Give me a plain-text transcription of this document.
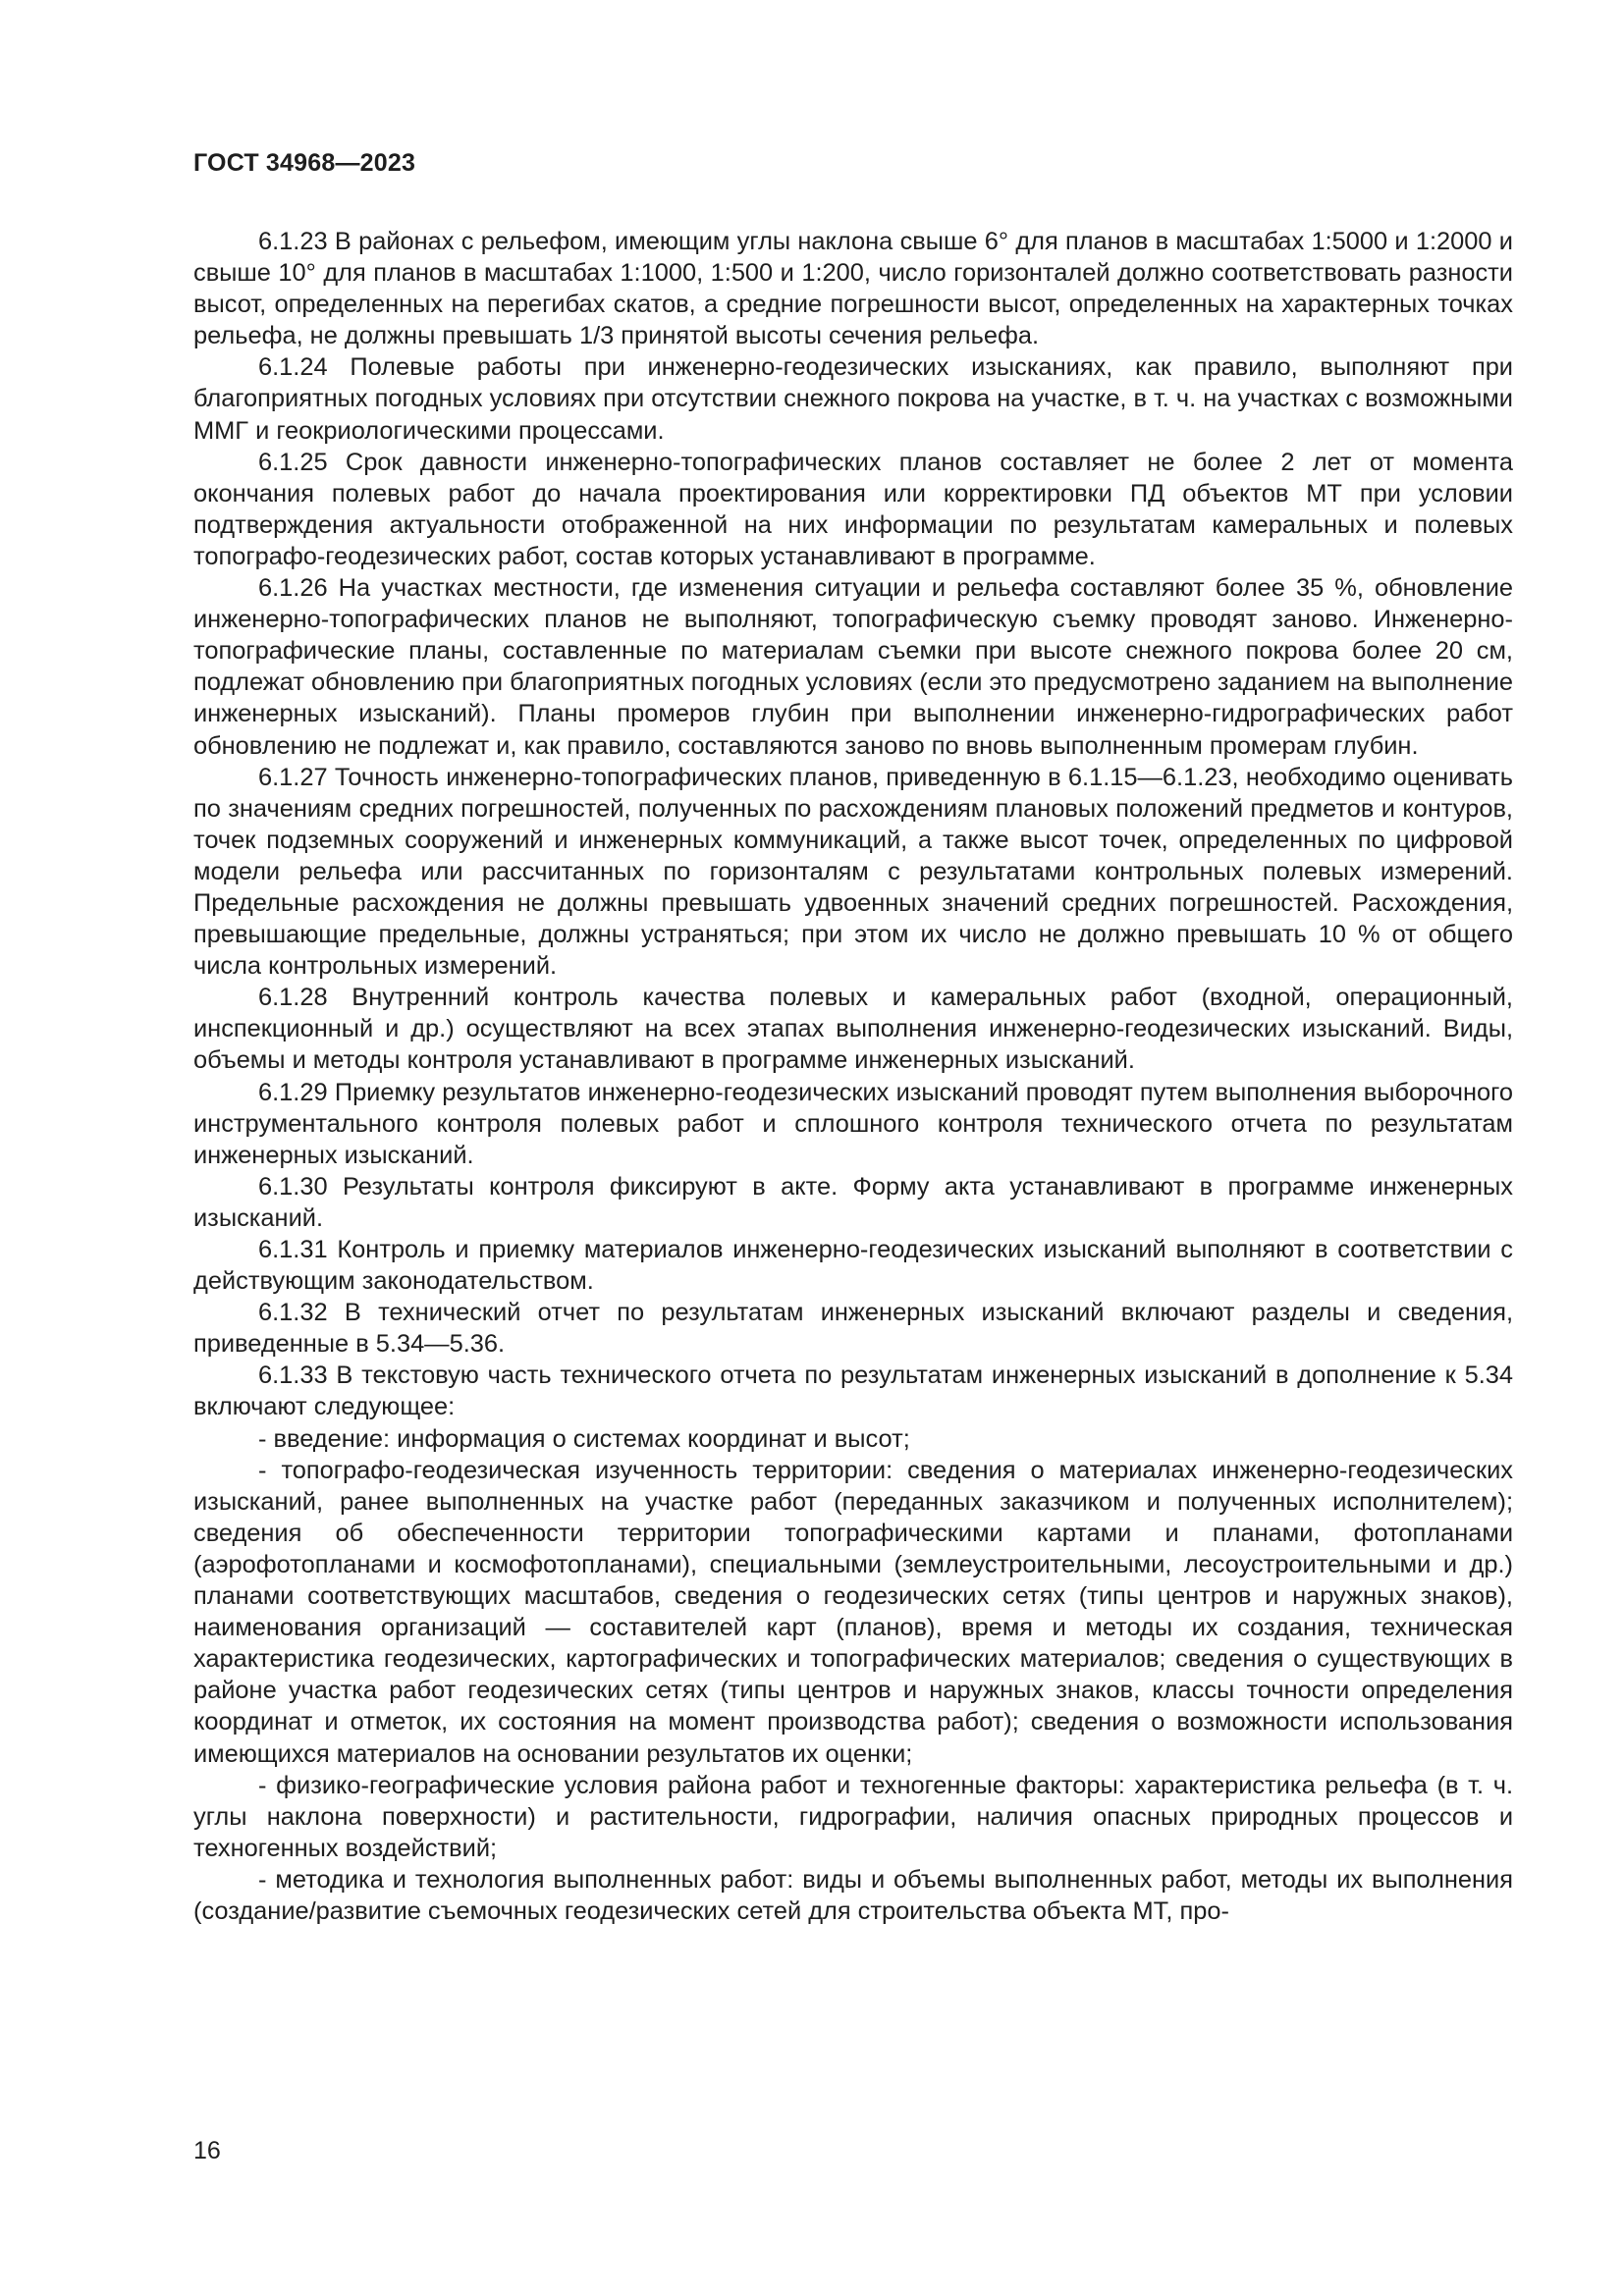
ГОСТ 34968—2023

6.1.23 В районах с рельефом, имеющим углы наклона свыше 6° для планов в масштабах 1:5000 и 1:2000 и свыше 10° для планов в масштабах 1:1000, 1:500 и 1:200, число горизонталей должно соответствовать разности высот, определенных на перегибах скатов, а средние погрешности высот, определенных на характерных точках рельефа, не должны превышать 1/3 принятой высоты сечения рельефа.

6.1.24 Полевые работы при инженерно-геодезических изысканиях, как правило, выполняют при благоприятных погодных условиях при отсутствии снежного покрова на участке, в т. ч. на участках с возможными ММГ и геокриологическими процессами.

6.1.25 Срок давности инженерно-топографических планов составляет не более 2 лет от момента окончания полевых работ до начала проектирования или корректировки ПД объектов МТ при условии подтверждения актуальности отображенной на них информации по результатам камеральных и полевых топографо-геодезических работ, состав которых устанавливают в программе.

6.1.26 На участках местности, где изменения ситуации и рельефа составляют более 35 %, обновление инженерно-топографических планов не выполняют, топографическую съемку проводят заново. Инженерно-топографические планы, составленные по материалам съемки при высоте снежного покрова более 20 см, подлежат обновлению при благоприятных погодных условиях (если это предусмотрено заданием на выполнение инженерных изысканий). Планы промеров глубин при выполнении инженерно-гидрографических работ обновлению не подлежат и, как правило, составляются заново по вновь выполненным промерам глубин.

6.1.27 Точность инженерно-топографических планов, приведенную в 6.1.15—6.1.23, необходимо оценивать по значениям средних погрешностей, полученных по расхождениям плановых положений предметов и контуров, точек подземных сооружений и инженерных коммуникаций, а также высот точек, определенных по цифровой модели рельефа или рассчитанных по горизонталям с результатами контрольных полевых измерений. Предельные расхождения не должны превышать удвоенных значений средних погрешностей. Расхождения, превышающие предельные, должны устраняться; при этом их число не должно превышать 10 % от общего числа контрольных измерений.

6.1.28 Внутренний контроль качества полевых и камеральных работ (входной, операционный, инспекционный и др.) осуществляют на всех этапах выполнения инженерно-геодезических изысканий. Виды, объемы и методы контроля устанавливают в программе инженерных изысканий.

6.1.29 Приемку результатов инженерно-геодезических изысканий проводят путем выполнения выборочного инструментального контроля полевых работ и сплошного контроля технического отчета по результатам инженерных изысканий.

6.1.30 Результаты контроля фиксируют в акте. Форму акта устанавливают в программе инженерных изысканий.

6.1.31 Контроль и приемку материалов инженерно-геодезических изысканий выполняют в соответствии с действующим законодательством.

6.1.32 В технический отчет по результатам инженерных изысканий включают разделы и сведения, приведенные в 5.34—5.36.

6.1.33 В текстовую часть технического отчета по результатам инженерных изысканий в дополнение к 5.34 включают следующее:

- введение: информация о системах координат и высот;

- топографо-геодезическая изученность территории: сведения о материалах инженерно-геодезических изысканий, ранее выполненных на участке работ (переданных заказчиком и полученных исполнителем); сведения об обеспеченности территории топографическими картами и планами, фотопланами (аэрофотопланами и космофотопланами), специальными (землеустроительными, лесоустроительными и др.) планами соответствующих масштабов, сведения о геодезических сетях (типы центров и наружных знаков), наименования организаций — составителей карт (планов), время и методы их создания, техническая характеристика геодезических, картографических и топографических материалов; сведения о существующих в районе участка работ геодезических сетях (типы центров и наружных знаков, классы точности определения координат и отметок, их состояния на момент производства работ); сведения о возможности использования имеющихся материалов на основании результатов их оценки;

- физико-географические условия района работ и техногенные факторы: характеристика рельефа (в т. ч. углы наклона поверхности) и растительности, гидрографии, наличия опасных природных процессов и техногенных воздействий;

- методика и технология выполненных работ: виды и объемы выполненных работ, методы их выполнения (создание/развитие съемочных геодезических сетей для строительства объекта МТ, про-

16
